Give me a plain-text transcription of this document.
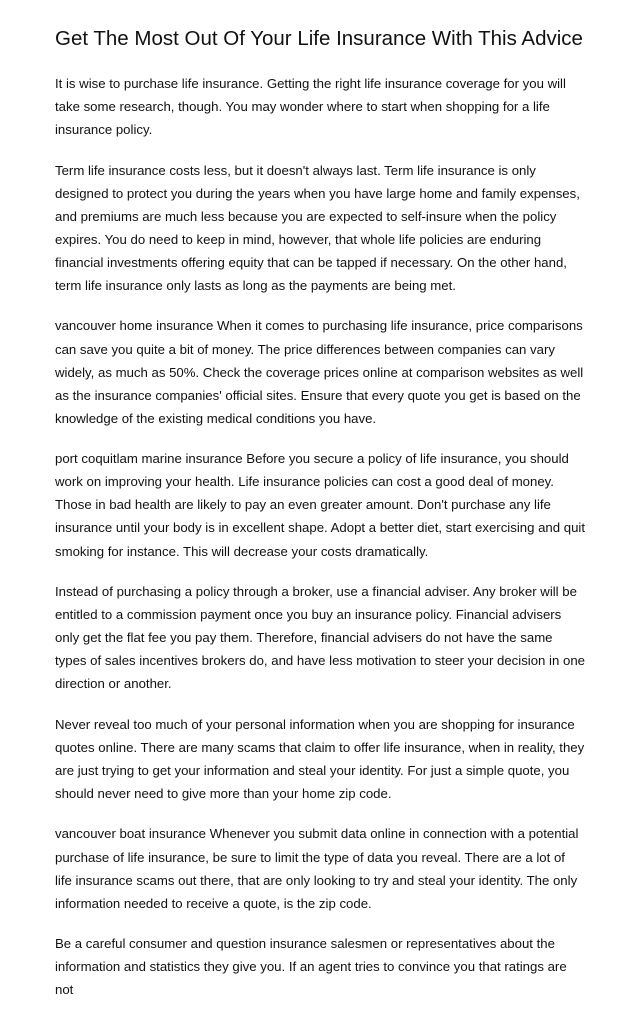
Get The Most Out Of Your Life Insurance With This Advice

It is wise to purchase life insurance. Getting the right life insurance coverage for you will take some research, though. You may wonder where to start when shopping for a life insurance policy.

Term life insurance costs less, but it doesn't always last. Term life insurance is only designed to protect you during the years when you have large home and family expenses, and premiums are much less because you are expected to self-insure when the policy expires. You do need to keep in mind, however, that whole life policies are enduring financial investments offering equity that can be tapped if necessary. On the other hand, term life insurance only lasts as long as the payments are being met.

vancouver home insurance When it comes to purchasing life insurance, price comparisons can save you quite a bit of money. The price differences between companies can vary widely, as much as 50%. Check the coverage prices online at comparison websites as well as the insurance companies' official sites. Ensure that every quote you get is based on the knowledge of the existing medical conditions you have.

port coquitlam marine insurance Before you secure a policy of life insurance, you should work on improving your health. Life insurance policies can cost a good deal of money. Those in bad health are likely to pay an even greater amount. Don't purchase any life insurance until your body is in excellent shape. Adopt a better diet, start exercising and quit smoking for instance. This will decrease your costs dramatically.

Instead of purchasing a policy through a broker, use a financial adviser. Any broker will be entitled to a commission payment once you buy an insurance policy. Financial advisers only get the flat fee you pay them. Therefore, financial advisers do not have the same types of sales incentives brokers do, and have less motivation to steer your decision in one direction or another.

Never reveal too much of your personal information when you are shopping for insurance quotes online. There are many scams that claim to offer life insurance, when in reality, they are just trying to get your information and steal your identity. For just a simple quote, you should never need to give more than your home zip code.

vancouver boat insurance Whenever you submit data online in connection with a potential purchase of life insurance, be sure to limit the type of data you reveal. There are a lot of life insurance scams out there, that are only looking to try and steal your identity. The only information needed to receive a quote, is the zip code.

Be a careful consumer and question insurance salesmen or representatives about the information and statistics they give you. If an agent tries to convince you that ratings are not
